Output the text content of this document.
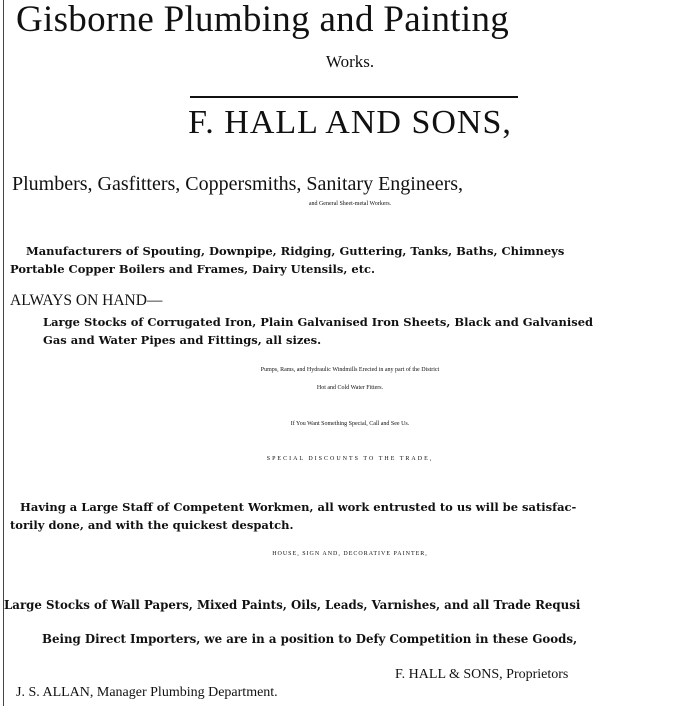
Gisborne Plumbing and Painting
Works.
F. HALL AND SONS,
Plumbers, Gasfitters, Coppersmiths, Sanitary Engineers,
and General Sheet-metal Workers.
Manufacturers of Spouting, Downpipe, Ridging, Guttering, Tanks, Baths, Chimneys
Portable Copper Boilers and Frames, Dairy Utensils, etc.
ALWAYS ON HAND—
Large Stocks of Corrugated Iron, Plain Galvanised Iron Sheets, Black and Galvanised
Gas and Water Pipes and Fittings, all sizes.
Pumps, Rams, and Hydraulic Windmills Erected in any part of the District
Hot and Cold Water Fitters.
If You Want Something Special, Call and See Us.
SPECIAL DISCOUNTS TO THE TRADE,
Having a Large Staff of Competent Workmen, all work entrusted to us will be satisfac-
torily done, and with the quickest despatch.
HOUSE, SIGN AND, DECORATIVE PAINTER,
Large Stocks of Wall Papers, Mixed Paints, Oils, Leads, Varnishes, and all Trade Requsi
Being Direct Importers, we are in a position to Defy Competition in these Goods,
F. HALL & SONS, Proprietors
J. S. ALLAN, Manager Plumbing Department.
